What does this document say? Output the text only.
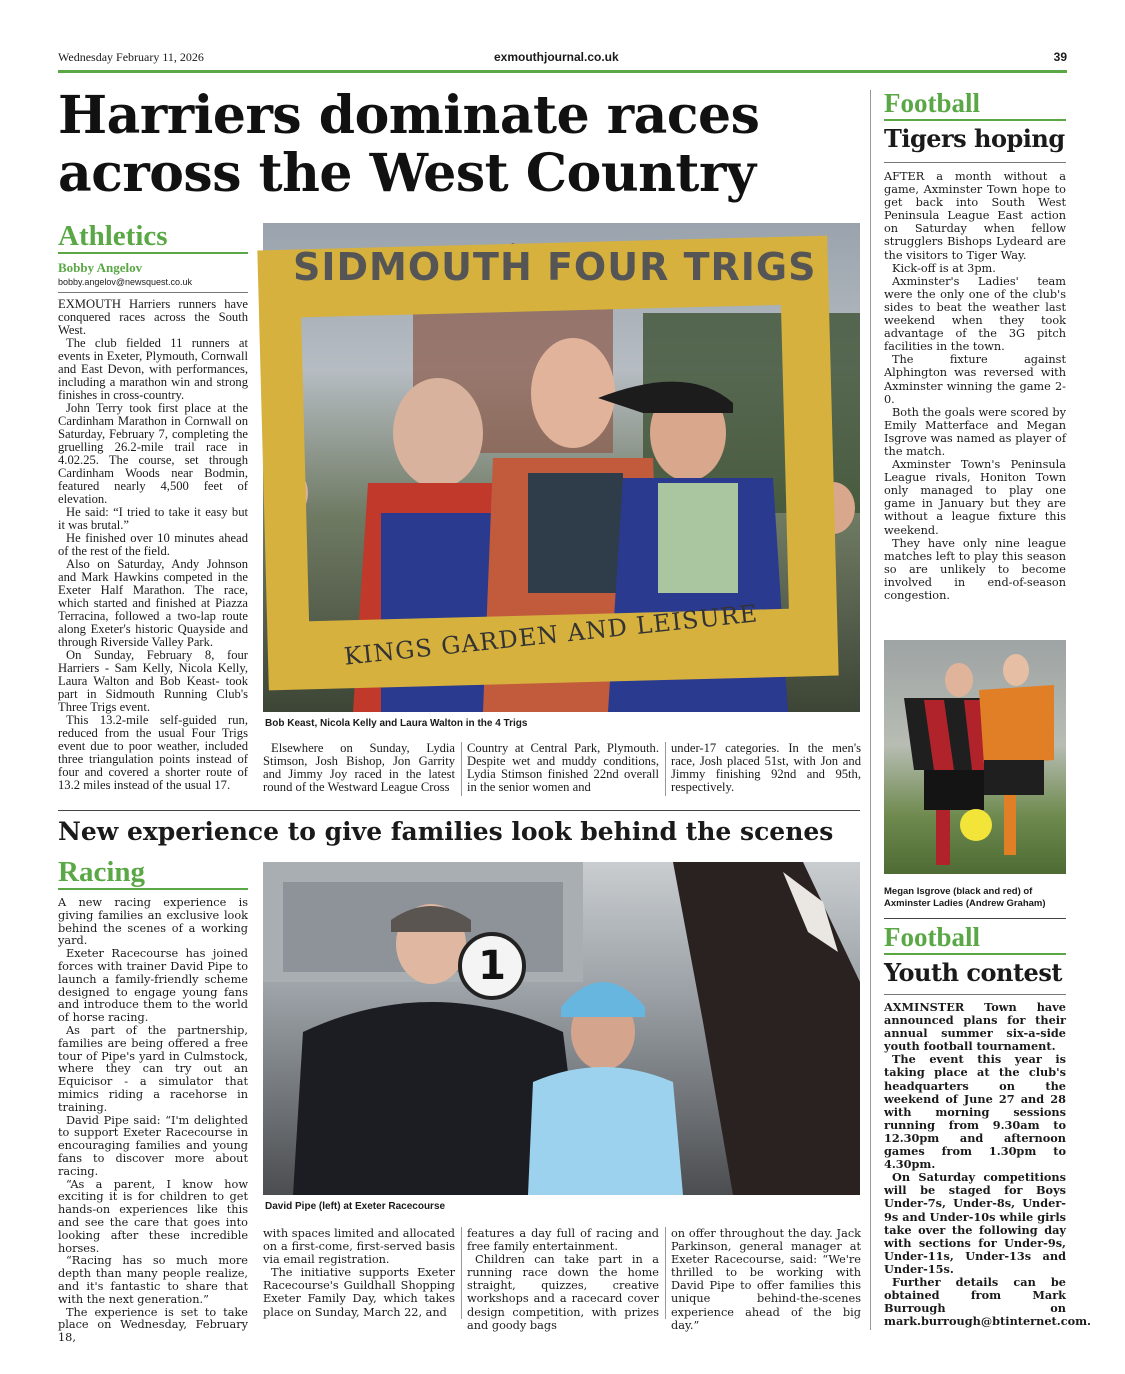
Wednesday February 11, 2026	exmouthjournal.co.uk	39
Harriers dominate races
across the West Country
Athletics
Bobby Angelov
bobby.angelov@newsquest.co.uk

EXMOUTH Harriers runners have conquered races across the South West.

The club fielded 11 runners at events in Exeter, Plymouth, Cornwall and East Devon, with performances, including a marathon win and strong finishes in cross-country.

John Terry took first place at the Cardinham Marathon in Cornwall on Saturday, February 7, completing the gruelling 26.2-mile trail race in 4.02.25. The course, set through Cardinham Woods near Bodmin, featured nearly 4,500 feet of elevation.

He said: “I tried to take it easy but it was brutal.”

He finished over 10 minutes ahead of the rest of the field.

Also on Saturday, Andy Johnson and Mark Hawkins competed in the Exeter Half Marathon. The race, which started and finished at Piazza Terracina, followed a two-lap route along Exeter's historic Quayside and through Riverside Valley Park.

On Sunday, February 8, four Harriers - Sam Kelly, Nicola Kelly, Laura Walton and Bob Keast- took part in Sidmouth Running Club's Three Trigs event.

This 13.2-mile self-guided run, reduced from the usual Four Trigs event due to poor weather, included three triangulation points instead of four and covered a shorter route of 13.2 miles instead of the usual 17.

SIDMOUTH FOUR TRIGS
KINGS GARDEN AND LEISURE
Bob Keast, Nicola Kelly and Laura Walton in the 4 Trigs

Elsewhere on Sunday, Lydia Stimson, Josh Bishop, Jon Garrity and Jimmy Joy raced in the latest round of the Westward League Cross

Country at Central Park, Plymouth. Despite wet and muddy conditions, Lydia Stimson finished 22nd overall in the senior women and

under-17 categories. In the men's race, Josh placed 51st, with Jon and Jimmy finishing 92nd and 95th, respectively.

New experience to give families look behind the scenes
Racing

A new racing experience is giving families an exclusive look behind the scenes of a working yard.

Exeter Racecourse has joined forces with trainer David Pipe to launch a family-friendly scheme designed to engage young fans and introduce them to the world of horse racing.

As part of the partnership, families are being offered a free tour of Pipe's yard in Culmstock, where they can try out an Equicisor - a simulator that mimics riding a racehorse in training.

David Pipe said: “I'm delighted to support Exeter Racecourse in encouraging families and young fans to discover more about racing.

“As a parent, I know how exciting it is for children to get hands-on experiences like this and see the care that goes into looking after these incredible horses.

“Racing has so much more depth than many people realize, and it's fantastic to share that with the next generation.”

The experience is set to take place on Wednesday, February 18,

1
David Pipe (left) at Exeter Racecourse

with spaces limited and allocated on a first-come, first-served basis via email registration.

The initiative supports Exeter Racecourse's Guildhall Shopping Exeter Family Day, which takes place on Sunday, March 22, and

features a day full of racing and free family entertainment.

Children can take part in a running race down the home straight, quizzes, creative workshops and a racecard cover design competition, with prizes and goody bags

on offer throughout the day. Jack Parkinson, general manager at Exeter Racecourse, said: “We're thrilled to be working with David Pipe to offer families this unique behind-the-scenes experience ahead of the big day.”

Football
Tigers hoping

AFTER a month without a game, Axminster Town hope to get back into South West Peninsula League East action on Saturday when fellow strugglers Bishops Lydeard are the visitors to Tiger Way.

Kick-off is at 3pm.

Axminster's Ladies' team were the only one of the club's sides to beat the weather last weekend when they took advantage of the 3G pitch facilities in the town.

The fixture against Alphington was reversed with Axminster winning the game 2-0.

Both the goals were scored by Emily Matterface and Megan Isgrove was named as player of the match.

Axminster Town's Peninsula League rivals, Honiton Town only managed to play one game in January but they are without a league fixture this weekend.

They have only nine league matches left to play this season so are unlikely to become involved in end-of-season congestion.

Megan Isgrove (black and red) of Axminster Ladies (Andrew Graham)
Football
Youth contest

AXMINSTER Town have announced plans for their annual summer six-a-side youth football tournament.

The event this year is taking place at the club's headquarters on the weekend of June 27 and 28 with morning sessions running from 9.30am to 12.30pm and afternoon games from 1.30pm to 4.30pm.

On Saturday competitions will be staged for Boys Under-7s, Under-8s, Under-9s and Under-10s while girls take over the following day with sections for Under-9s, Under-11s, Under-13s and Under-15s.

Further details can be obtained from Mark Burrough on mark.burrough@btinternet.com.
